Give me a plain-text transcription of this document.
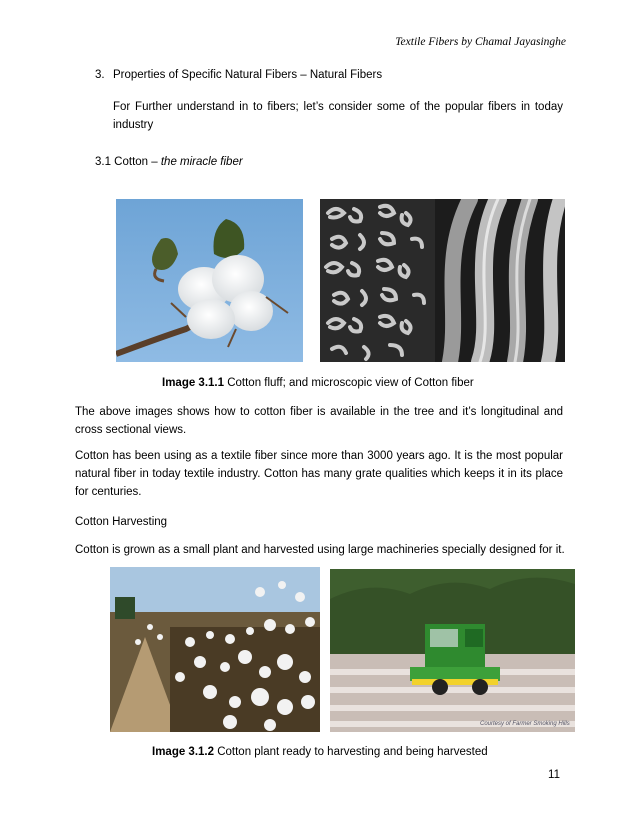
Textile Fibers by Chamal Jayasinghe
3. Properties of Specific Natural Fibers – Natural Fibers
For Further understand in to fibers; let’s consider some of the popular fibers in today industry
3.1 Cotton – the miracle fiber
Image 3.1.1 Cotton fluff; and microscopic view of Cotton fiber
The above images shows how to cotton fiber is available in the tree and it’s longitudinal and cross sectional views.
Cotton has been using as a textile fiber since more than 3000 years ago. It is the most popular natural fiber in today textile industry. Cotton has many grate qualities which keeps it in its place for centuries.
Cotton Harvesting
Cotton is grown as a small plant and harvested using large machineries specially designed for it.
Courtesy of Farmer Smoking Hills
Image 3.1.2 Cotton plant ready to harvesting and being harvested
11
